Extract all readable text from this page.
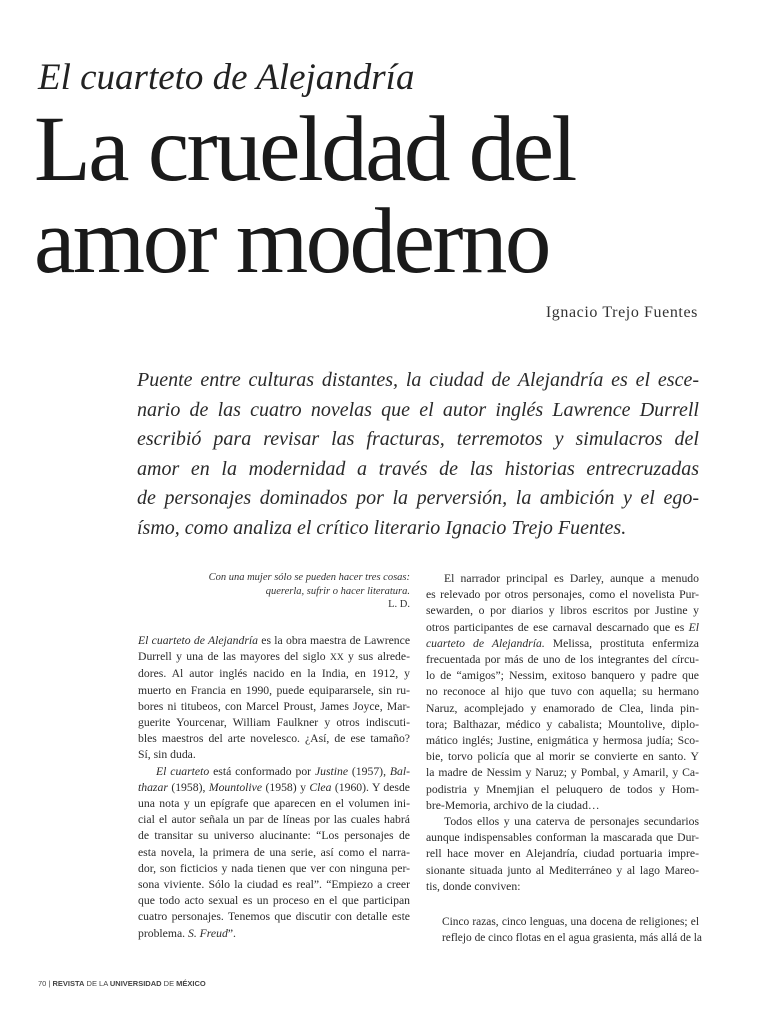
El cuarteto de Alejandría
La crueldad del
amor moderno
Ignacio Trejo Fuentes
Puente entre culturas distantes, la ciudad de Alejandría es el esce-
nario de las cuatro novelas que el autor inglés Lawrence Durrell
escribió para revisar las fracturas, terremotos y simulacros del
amor en la modernidad a través de las historias entrecruzadas
de personajes dominados por la perversión, la ambición y el ego-
ísmo, como analiza el crítico literario Ignacio Trejo Fuentes.
Con una mujer sólo se pueden hacer tres cosas:
quererla, sufrir o hacer literatura.
L. D.
El cuarteto de Alejandría es la obra maestra de Lawrence
Durrell y una de las mayores del siglo XX y sus alrede-
dores. Al autor inglés nacido en la India, en 1912, y
muerto en Francia en 1990, puede equipararsele, sin ru-
bores ni titubeos, con Marcel Proust, James Joyce, Mar-
guerite Yourcenar, William Faulkner y otros indiscuti-
bles maestros del arte novelesco. ¿Así, de ese tamaño?
Sí, sin duda.
El cuarteto está conformado por Justine (1957), Bal-
thazar (1958), Mountolive (1958) y Clea (1960). Y desde
una nota y un epígrafe que aparecen en el volumen ini-
cial el autor señala un par de líneas por las cuales habrá
de transitar su universo alucinante: “Los personajes de
esta novela, la primera de una serie, así como el narra-
dor, son ficticios y nada tienen que ver con ninguna per-
sona viviente. Sólo la ciudad es real”. “Empiezo a creer
que todo acto sexual es un proceso en el que participan
cuatro personajes. Tenemos que discutir con detalle este
problema. S. Freud”.
El narrador principal es Darley, aunque a menudo
es relevado por otros personajes, como el novelista Pur-
sewarden, o por diarios y libros escritos por Justine y
otros participantes de ese carnaval descarnado que es El
cuarteto de Alejandría. Melissa, prostituta enfermiza
frecuentada por más de uno de los integrantes del círcu-
lo de “amigos”; Nessim, exitoso banquero y padre que
no reconoce al hijo que tuvo con aquella; su hermano
Naruz, acomplejado y enamorado de Clea, linda pin-
tora; Balthazar, médico y cabalista; Mountolive, diplo-
mático inglés; Justine, enigmática y hermosa judía; Sco-
bie, torvo policía que al morir se convierte en santo. Y
la madre de Nessim y Naruz; y Pombal, y Amaril, y Ca-
podistria y Mnemjian el peluquero de todos y Hom-
bre-Memoria, archivo de la ciudad…
Todos ellos y una caterva de personajes secundarios
aunque indispensables conforman la mascarada que Dur-
rell hace mover en Alejandría, ciudad portuaria impre-
sionante situada junto al Mediterráneo y al lago Mareo-
tis, donde conviven:
Cinco razas, cinco lenguas, una docena de religiones; el
reflejo de cinco flotas en el agua grasienta, más allá de la
70 | REVISTA DE LA UNIVERSIDAD DE MÉXICO
